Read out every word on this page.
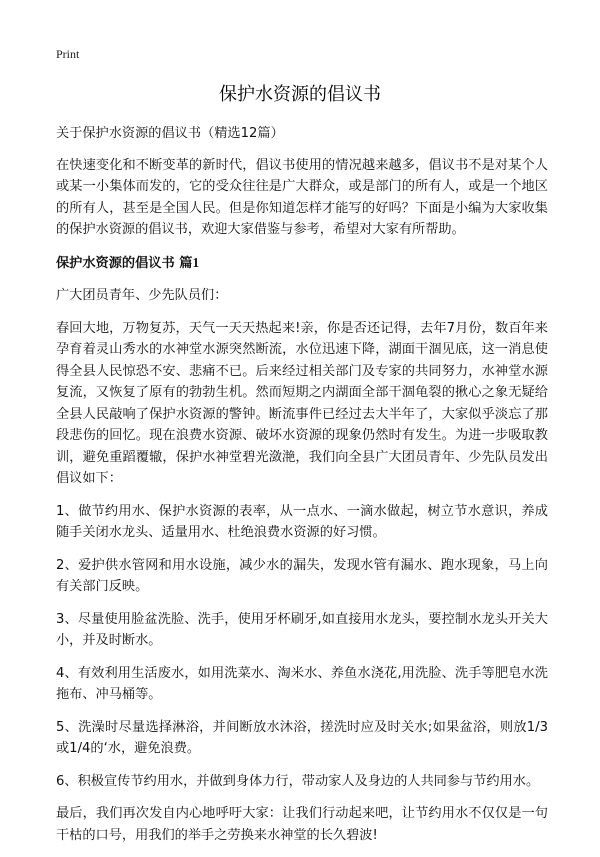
Print
保护水资源的倡议书

关于保护水资源的倡议书（精选12篇）

在快速变化和不断变革的新时代，倡议书使用的情况越来越多，倡议书不是对某个人或某一小集体而发的，它的受众往往是广大群众，或是部门的所有人，或是一个地区的所有人，甚至是全国人民。但是你知道怎样才能写的好吗？下面是小编为大家收集的保护水资源的倡议书，欢迎大家借鉴与参考，希望对大家有所帮助。

保护水资源的倡议书 篇1

广大团员青年、少先队员们：

春回大地，万物复苏，天气一天天热起来!亲，你是否还记得，去年7月份，数百年来孕育着灵山秀水的水神堂水源突然断流，水位迅速下降，湖面干涸见底，这一消息使得全县人民惊恐不安、悲痛不已。后来经过相关部门及专家的共同努力，水神堂水源复流，又恢复了原有的勃勃生机。然而短期之内湖面全部干涸龟裂的揪心之象无疑给全县人民敲响了保护水资源的警钟。断流事件已经过去大半年了，大家似乎淡忘了那段悲伤的回忆。现在浪费水资源、破坏水资源的现象仍然时有发生。为进一步吸取教训，避免重蹈覆辙，保护水神堂碧光潋滟，我们向全县广大团员青年、少先队员发出倡议如下：

1、做节约用水、保护水资源的表率，从一点水、一滴水做起，树立节水意识，养成随手关闭水龙头、适量用水、杜绝浪费水资源的好习惯。

2、爱护供水管网和用水设施，减少水的漏失，发现水管有漏水、跑水现象，马上向有关部门反映。

3、尽量使用脸盆洗脸、洗手，使用牙杯刷牙,如直接用水龙头，要控制水龙头开关大小，并及时断水。

4、有效利用生活废水，如用洗菜水、淘米水、养鱼水浇花,用洗脸、洗手等肥皂水洗拖布、冲马桶等。

5、洗澡时尽量选择淋浴，并间断放水沐浴，搓洗时应及时关水;如果盆浴，则放1/3或1/4的‘水，避免浪费。

6、积极宣传节约用水，并做到身体力行，带动家人及身边的人共同参与节约用水。

最后，我们再次发自内心地呼吁大家：让我们行动起来吧，让节约用水不仅仅是一句干枯的口号，用我们的举手之劳换来水神堂的长久碧波!
